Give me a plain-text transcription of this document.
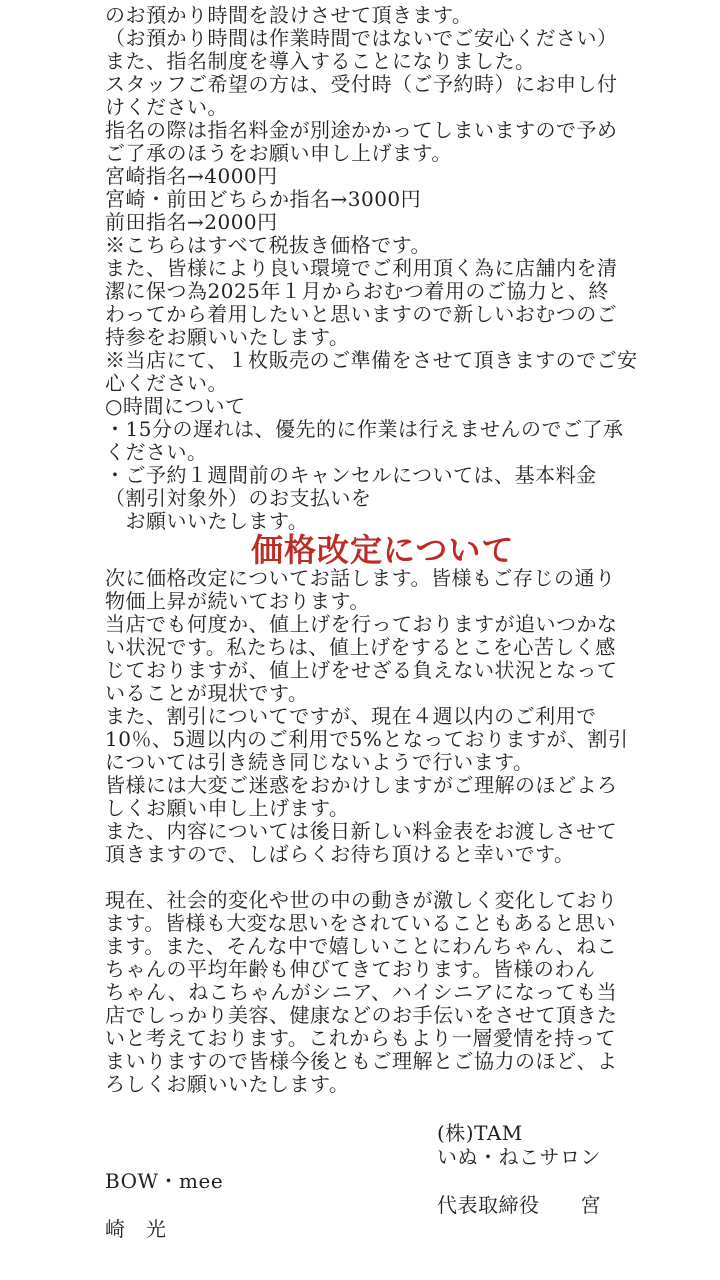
のお預かり時間を設けさせて頂きます。
（お預かり時間は作業時間ではないでご安心ください）
また、指名制度を導入することになりました。
スタッフご希望の方は、受付時（ご予約時）にお申し付
けください。
指名の際は指名料金が別途かかってしまいますので予め
ご了承のほうをお願い申し上げます。
宮崎指名→4000円
宮崎・前田どちらか指名→3000円
前田指名→2000円
※こちらはすべて税抜き価格です。
また、皆様により良い環境でご利用頂く為に店舗内を清
潔に保つ為2025年１月からおむつ着用のご協力と、終
わってから着用したいと思いますので新しいおむつのご
持参をお願いいたします。
※当店にて、１枚販売のご準備をさせて頂きますのでご安
心ください。
○時間について
・15分の遅れは、優先的に作業は行えませんのでご了承
ください。
・ご予約１週間前のキャンセルについては、基本料金
（割引対象外）のお支払いを
　お願いいたします。
価格改定について
次に価格改定についてお話します。皆様もご存じの通り
物価上昇が続いております。
当店でも何度か、値上げを行っておりますが追いつかな
い状況です。私たちは、値上げをするとこを心苦しく感
じておりますが、値上げをせざる負えない状況となって
いることが現状です。
また、割引についてですが、現在４週以内のご利用で
10％、5週以内のご利用で5%となっておりますが、割引
については引き続き同じないようで行います。
皆様には大変ご迷惑をおかけしますがご理解のほどよろ
しくお願い申し上げます。
また、内容については後日新しい料金表をお渡しさせて
頂きますので、しばらくお待ち頂けると幸いです。
現在、社会的変化や世の中の動きが激しく変化しており
ます。皆様も大変な思いをされていることもあると思い
ます。また、そんな中で嬉しいことにわんちゃん、ねこ
ちゃんの平均年齢も伸びてきております。皆様のわん
ちゃん、ねこちゃんがシニア、ハイシニアになっても当
店でしっかり美容、健康などのお手伝いをさせて頂きた
いと考えております。これからもより一層愛情を持って
まいりますので皆様今後ともご理解とご協力のほど、よ
ろしくお願いいたします。
(株)TAM
いぬ・ねこサロン
BOW・mee
代表取締役　　宮
崎　光
